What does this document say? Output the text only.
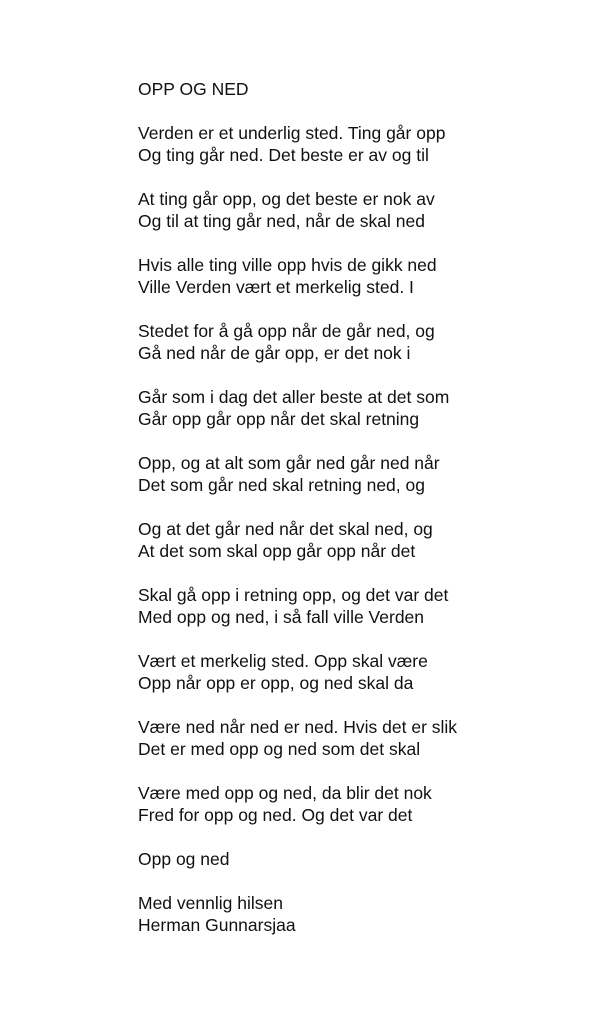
OPP OG NED
Verden er et underlig sted. Ting går opp
Og ting går ned. Det beste er av og til
At ting går opp, og det beste er nok av
Og til at ting går ned, når de skal ned
Hvis alle ting ville opp hvis de gikk ned
Ville Verden vært et merkelig sted. I
Stedet for å gå opp når de går ned, og
Gå ned når de går opp, er det nok i
Går som i dag det aller beste at det som
Går opp går opp når det skal retning
Opp, og at alt som går ned går ned når
Det som går ned skal retning ned, og
Og at det går ned når det skal ned, og
At det som skal opp går opp når det
Skal gå opp i retning opp, og det var det
Med opp og ned, i så fall ville Verden
Vært et merkelig sted. Opp skal være
Opp når opp er opp, og ned skal da
Være ned når ned er ned. Hvis det er slik
Det er med opp og ned som det skal
Være med opp og ned, da blir det nok
Fred for opp og ned. Og det var det
Opp og ned
Med vennlig hilsen
Herman Gunnarsjaa
